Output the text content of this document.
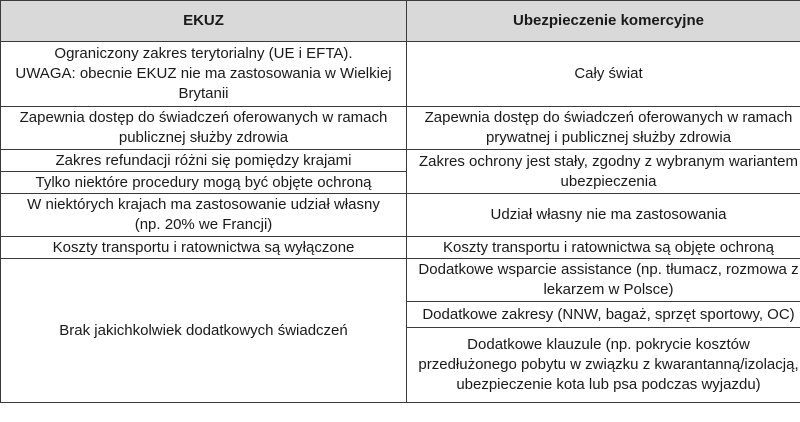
EKUZ	Ubezpieczenie komercyjne

Ograniczony zakres terytorialny (UE i EFTA).
UWAGA: obecnie EKUZ nie ma zastosowania w Wielkiej
Brytanii	Cały świat

Zapewnia dostęp do świadczeń oferowanych w ramach
publicznej służby zdrowia	Zapewnia dostęp do świadczeń oferowanych w ramach
prywatnej i publicznej służby zdrowia

Zakres refundacji różni się pomiędzy krajami	Zakres ochrony jest stały, zgodny z wybranym wariantem
ubezpieczenia

Tylko niektóre procedury mogą być objęte ochroną	

W niektórych krajach ma zastosowanie udział własny
(np. 20% we Francji)	Udział własny nie ma zastosowania
Koszty transportu i ratownictwa są wyłączone	Koszty transportu i ratownictwa są objęte ochroną
Brak jakichkolwiek dodatkowych świadczeń	Dodatkowe wsparcie assistance (np. tłumacz, rozmowa z
lekarzem w Polsce)

	Dodatkowe zakresy (NNW, bagaż, sprzęt sportowy, OC)

	Dodatkowe klauzule (np. pokrycie kosztów
przedłużonego pobytu w związku z kwarantanną/izolacją,
ubezpieczenie kota lub psa podczas wyjazdu)
